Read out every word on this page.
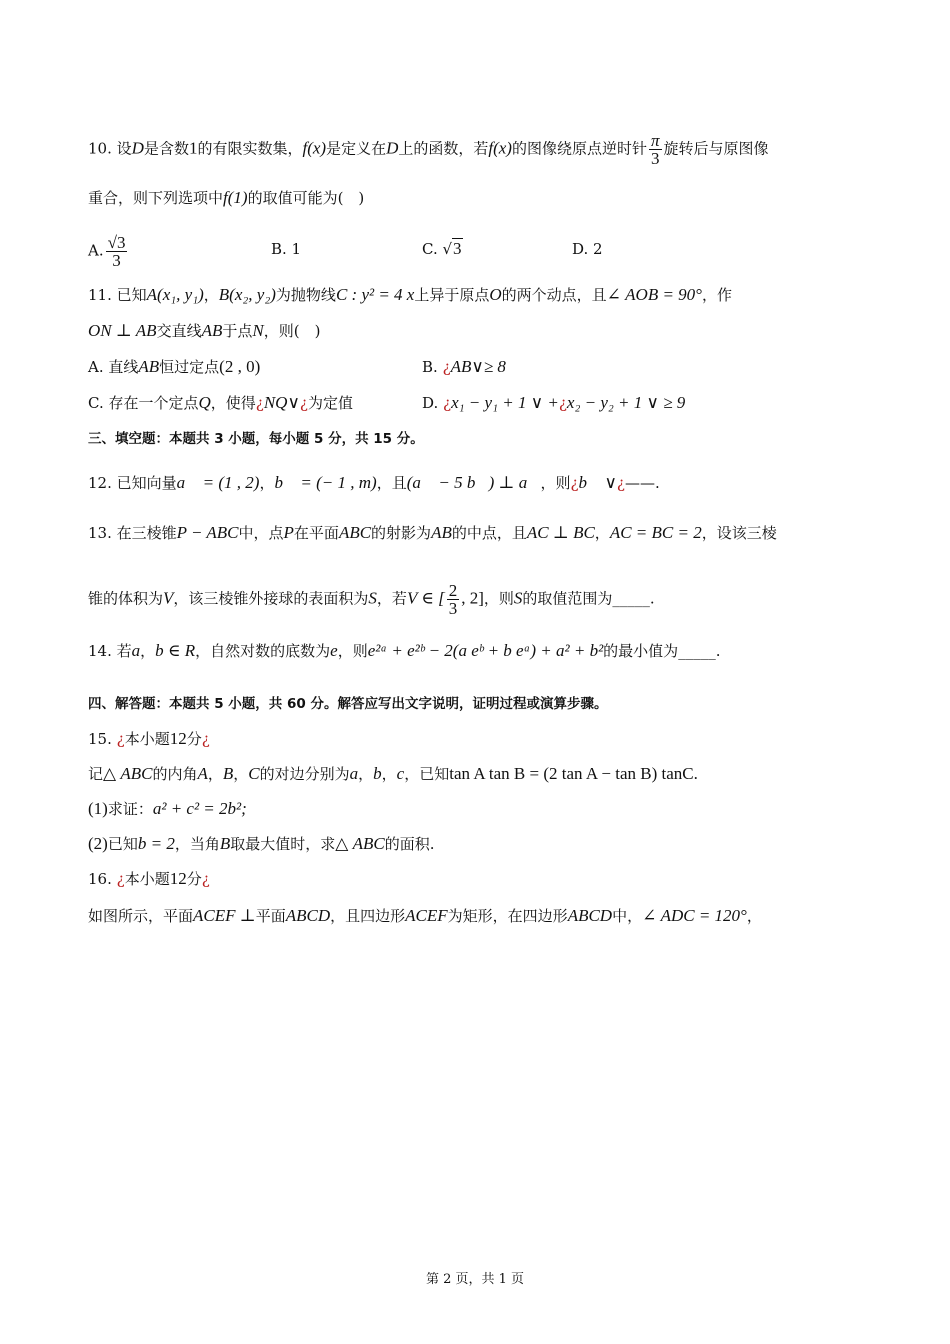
10. 设D是含数1的有限实数集，f(x)是定义在D上的函数，若f(x)的图像绕原点逆时针 $\frac{\pi}{3}$ 旋转后与原图像
重合，则下列选项中f(1)的取值可能为(　)
A. $\frac{√3}{3}$	B. 1	C. √3	D. 2
11. 已知A(x₁, y₁)，B(x₂, y₂)为抛物线C : y² = 4 x上异于原点O的两个动点，且∠ AOB = 90°，作
ON ⊥ AB交直线AB于点N，则(　)
A. 直线AB恒过定点(2 , 0)	B. ¿AB∨≥ 8
C. 存在一个定点Q，使得¿NQ∨¿为定值	D. ¿x₁ − y₁ + 1 ∨ +¿x₂ − y₂ + 1 ∨ ≥ 9
三、填空题：本题共 3 小题，每小题 5 分，共 15 分。
12. 已知向量a⃗ = (1 , 2)，b⃗ = (− 1 , m)，且(a⃗ − 5 b⃗) ⊥ a⃗，则¿b⃗ ∨¿——.
13. 在三棱锥P − ABC中，点P在平面ABC的射影为AB的中点，且AC ⊥ BC，AC = BC = 2，设该三棱
锥的体积为V，该三棱锥外接球的表面积为S，若V ∈ [ $\frac{2}{3}$ , 2]，则S的取值范围为_____.
14. 若a，b ∈ R，自然对数的底数为e，则e²ᵃ + e²ᵇ − 2(a eᵇ + b eᵃ) + a² + b²的最小值为_____.
四、解答题：本题共 5 小题，共 60 分。解答应写出文字说明，证明过程或演算步骤。
15. ¿本小题12分¿
记△ ABC的内角A，B，C的对边分别为a，b，c，已知tan A tan B = (2 tan A − tan B) tanC.
(1)求证：a² + c² = 2b²;
(2)已知b = 2，当角B取最大值时，求△ ABC的面积.
16. ¿本小题12分¿
如图所示，平面ACEF ⊥平面ABCD，且四边形ACEF为矩形，在四边形ABCD中，∠ ADC = 120°，
第 2 页，共 1 页
